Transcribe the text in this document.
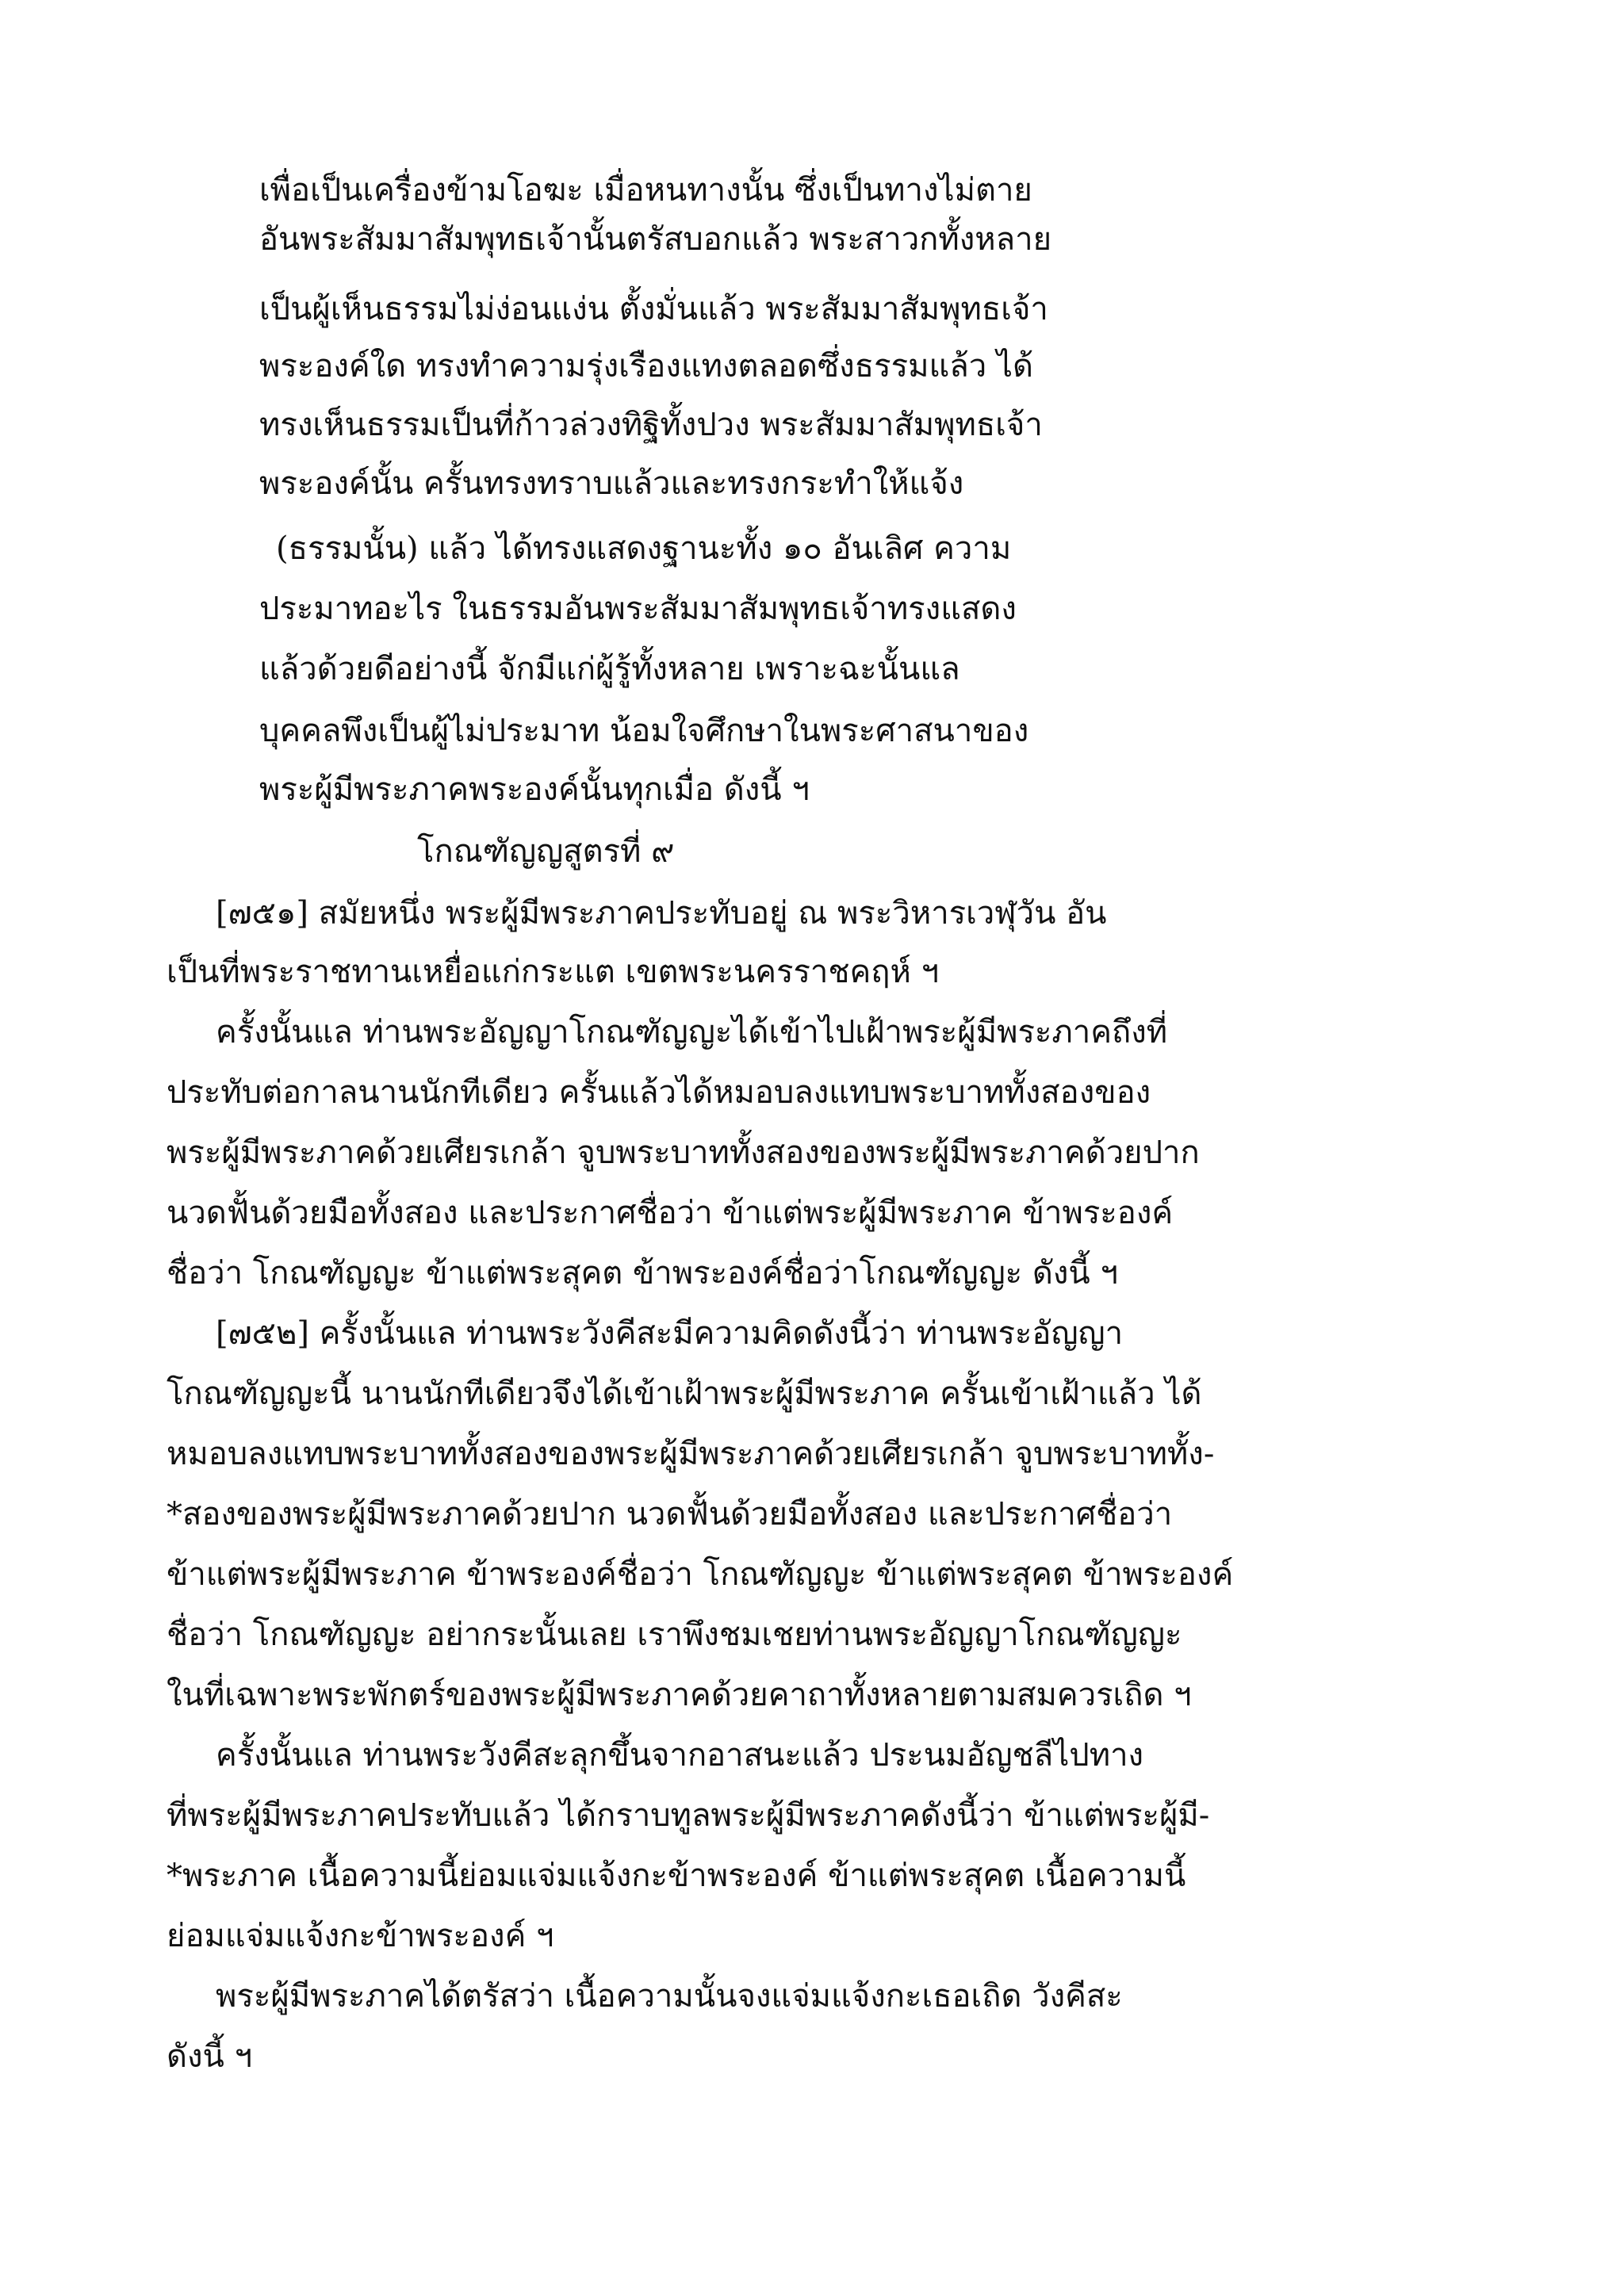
เพื่อเป็นเครื่องข้ามโอฆะ เมื่อหนทางนั้น ซึ่งเป็นทางไม่ตาย
อันพระสัมมาสัมพุทธเจ้านั้นตรัสบอกแล้ว พระสาวกทั้งหลาย
เป็นผู้เห็นธรรมไม่ง่อนแง่น ตั้งมั่นแล้ว พระสัมมาสัมพุทธเจ้า
พระองค์ใด ทรงทำความรุ่งเรืองแทงตลอดซึ่งธรรมแล้ว ได้
ทรงเห็นธรรมเป็นที่ก้าวล่วงทิฐิทั้งปวง พระสัมมาสัมพุทธเจ้า
พระองค์นั้น ครั้นทรงทราบแล้วและทรงกระทำให้แจ้ง
(ธรรมนั้น) แล้ว ได้ทรงแสดงฐานะทั้ง ๑๐ อันเลิศ ความ
ประมาทอะไร ในธรรมอันพระสัมมาสัมพุทธเจ้าทรงแสดง
แล้วด้วยดีอย่างนี้ จักมีแก่ผู้รู้ทั้งหลาย เพราะฉะนั้นแล
บุคคลพึงเป็นผู้ไม่ประมาท น้อมใจศึกษาในพระศาสนาของ
พระผู้มีพระภาคพระองค์นั้นทุกเมื่อ ดังนี้ ฯ
โกณฑัญญสูตรที่ ๙
[๗๕๑] สมัยหนึ่ง พระผู้มีพระภาคประทับอยู่ ณ พระวิหารเวฬุวัน อัน
เป็นที่พระราชทานเหยื่อแก่กระแต เขตพระนครราชคฤห์ ฯ
ครั้งนั้นแล ท่านพระอัญญาโกณฑัญญะได้เข้าไปเฝ้าพระผู้มีพระภาคถึงที่
ประทับต่อกาลนานนักทีเดียว ครั้นแล้วได้หมอบลงแทบพระบาททั้งสองของ
พระผู้มีพระภาคด้วยเศียรเกล้า จูบพระบาททั้งสองของพระผู้มีพระภาคด้วยปาก
นวดฟั้นด้วยมือทั้งสอง และประกาศชื่อว่า ข้าแต่พระผู้มีพระภาค ข้าพระองค์
ชื่อว่า โกณฑัญญะ ข้าแต่พระสุคต ข้าพระองค์ชื่อว่าโกณฑัญญะ ดังนี้ ฯ
[๗๕๒] ครั้งนั้นแล ท่านพระวังคีสะมีความคิดดังนี้ว่า ท่านพระอัญญา
โกณฑัญญะนี้ นานนักทีเดียวจึงได้เข้าเฝ้าพระผู้มีพระภาค ครั้นเข้าเฝ้าแล้ว ได้
หมอบลงแทบพระบาททั้งสองของพระผู้มีพระภาคด้วยเศียรเกล้า จูบพระบาททั้ง-
*สองของพระผู้มีพระภาคด้วยปาก นวดฟั้นด้วยมือทั้งสอง และประกาศชื่อว่า
ข้าแต่พระผู้มีพระภาค ข้าพระองค์ชื่อว่า โกณฑัญญะ ข้าแต่พระสุคต ข้าพระองค์
ชื่อว่า โกณฑัญญะ อย่ากระนั้นเลย เราพึงชมเชยท่านพระอัญญาโกณฑัญญะ
ในที่เฉพาะพระพักตร์ของพระผู้มีพระภาคด้วยคาถาทั้งหลายตามสมควรเถิด ฯ
ครั้งนั้นแล ท่านพระวังคีสะลุกขึ้นจากอาสนะแล้ว ประนมอัญชลีไปทาง
ที่พระผู้มีพระภาคประทับแล้ว ได้กราบทูลพระผู้มีพระภาคดังนี้ว่า ข้าแต่พระผู้มี-
*พระภาค เนื้อความนี้ย่อมแจ่มแจ้งกะข้าพระองค์ ข้าแต่พระสุคต เนื้อความนี้
ย่อมแจ่มแจ้งกะข้าพระองค์ ฯ
พระผู้มีพระภาคได้ตรัสว่า เนื้อความนั้นจงแจ่มแจ้งกะเธอเถิด วังคีสะ
ดังนี้ ฯ
